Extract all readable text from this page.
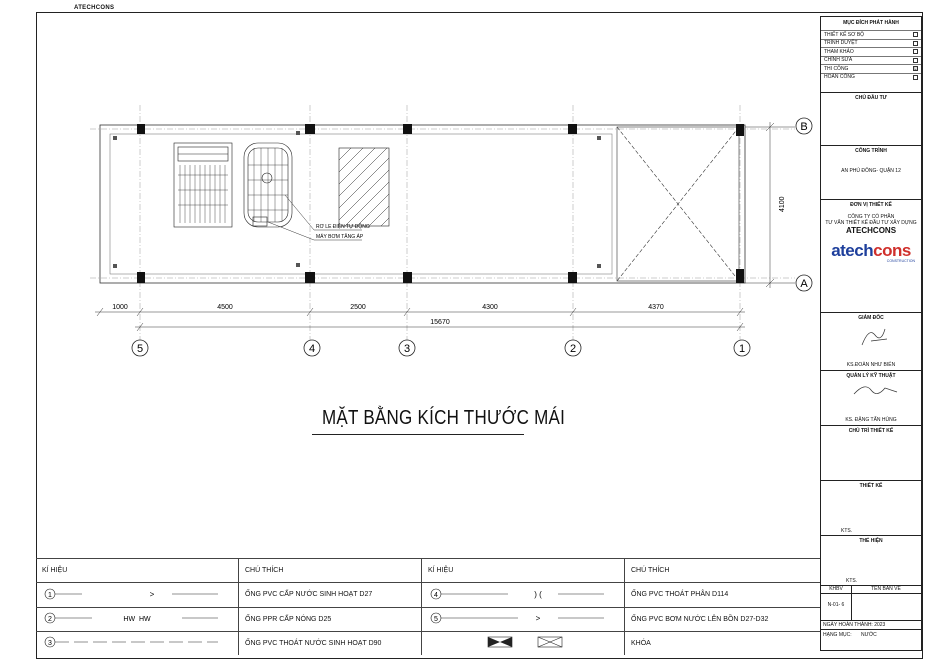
ATECHCONS
RƠ LE ĐIỆN TỰ ĐỘNG
MÁY BƠM TĂNG ÁP
B
A
4100
1000	4500	2500	4300	4370
15670
5	4	3	2	1
MẶT BẰNG KÍCH THƯỚC MÁI
KÍ HIỆU	CHÚ THÍCH	KÍ HIỆU	CHÚ THÍCH

1 >	ỐNG PVC CẤP NƯỚC SINH HOẠT D27	4 ) (	ỐNG PVC THOÁT PHÂN D114

2 HW  HW	ỐNG PPR CẤP NÓNG D25	5 >	ỐNG PVC BƠM NƯỚC LÊN BỒN D27-D32

3	ỐNG PVC THOÁT NƯỚC SINH HOẠT D90		KHÓA
MỤC ĐÍCH PHÁT HÀNH
THIẾT KẾ SƠ BỘ
TRÌNH DUYỆT
THAM KHẢO
CHỈNH SỬA
THI CÔNG	☑
HOÀN CÔNG
CHỦ ĐẦU TƯ
CÔNG TRÌNH
AN PHÚ ĐÔNG- QUẬN 12
ĐƠN VỊ THIẾT KẾ
CÔNG TY CỔ PHẦN
TƯ VẤN THIẾT KẾ ĐẦU TƯ XÂY DỰNG
ATECHCONS
atechcons
CONSTRUCTION
GIÁM ĐỐC
KS.ĐOÀN NHƯ BIỂN
QUẢN LÝ KỸ THUẬT
KS. ĐẶNG TẤN HÙNG
CHỦ TRÌ THIẾT KẾ
THIẾT KẾ
KTS.
THỂ HIỆN
KTS.
KHBV
N-01- 6
TÊN BẢN VẼ
NGÀY HOÀN THÀNH: 2023
HẠNG MỤC: NƯỚC
